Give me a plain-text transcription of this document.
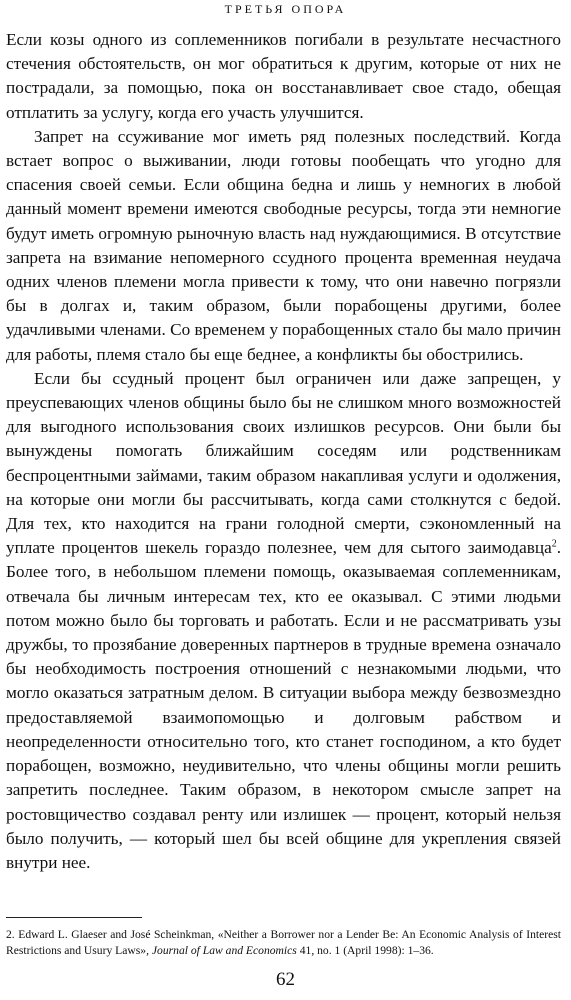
ТРЕТЬЯ ОПОРА

Если козы одного из соплеменников погибали в результате несчастного стечения обстоятельств, он мог обратиться к другим, которые от них не пострадали, за помощью, пока он восстанавливает свое стадо, обещая отплатить за услугу, когда его участь улучшится.

Запрет на ссуживание мог иметь ряд полезных последствий. Когда встает вопрос о выживании, люди готовы пообещать что угодно для спасения своей семьи. Если община бедна и лишь у немногих в любой данный момент времени имеются свободные ресурсы, тогда эти немногие будут иметь огромную рыночную власть над нуждающимися. В отсутствие запрета на взимание непомерного ссудного процента временная неудача одних членов племени могла привести к тому, что они навечно погрязли бы в долгах и, таким образом, были порабощены другими, более удачливыми членами. Со временем у порабощенных стало бы мало причин для работы, племя стало бы еще беднее, а конфликты бы обострились.

Если бы ссудный процент был ограничен или даже запрещен, у преуспевающих членов общины было бы не слишком много возможностей для выгодного использования своих излишков ресурсов. Они были бы вынуждены помогать ближайшим соседям или родственникам беспроцентными займами, таким образом накапливая услуги и одолжения, на которые они могли бы рассчитывать, когда сами столкнутся с бедой. Для тех, кто находится на грани голодной смерти, сэкономленный на уплате процентов шекель гораздо полезнее, чем для сытого заимодавца$^2$. Более того, в небольшом племени помощь, оказываемая соплеменникам, отвечала бы личным интересам тех, кто ее оказывал. С этими людьми потом можно было бы торговать и работать. Если и не рассматривать узы дружбы, то прозябание доверенных партнеров в трудные времена означало бы необходимость построения отношений с незнакомыми людьми, что могло оказаться затратным делом. В ситуации выбора между безвозмездно предоставляемой взаимопомощью и долговым рабством и неопределенности относительно того, кто станет господином, а кто будет порабощен, возможно, неудивительно, что члены общины могли решить запретить последнее. Таким образом, в некотором смысле запрет на ростовщичество создавал ренту или излишек — процент, который нельзя было получить, — который шел бы всей общине для укрепления связей внутри нее.

2. Edward L. Glaeser and José Scheinkman, «Neither a Borrower nor a Lender Be: An Economic Analysis of Interest Restrictions and Usury Laws», Journal of Law and Economics 41, no. 1 (April 1998): 1–36.
62
